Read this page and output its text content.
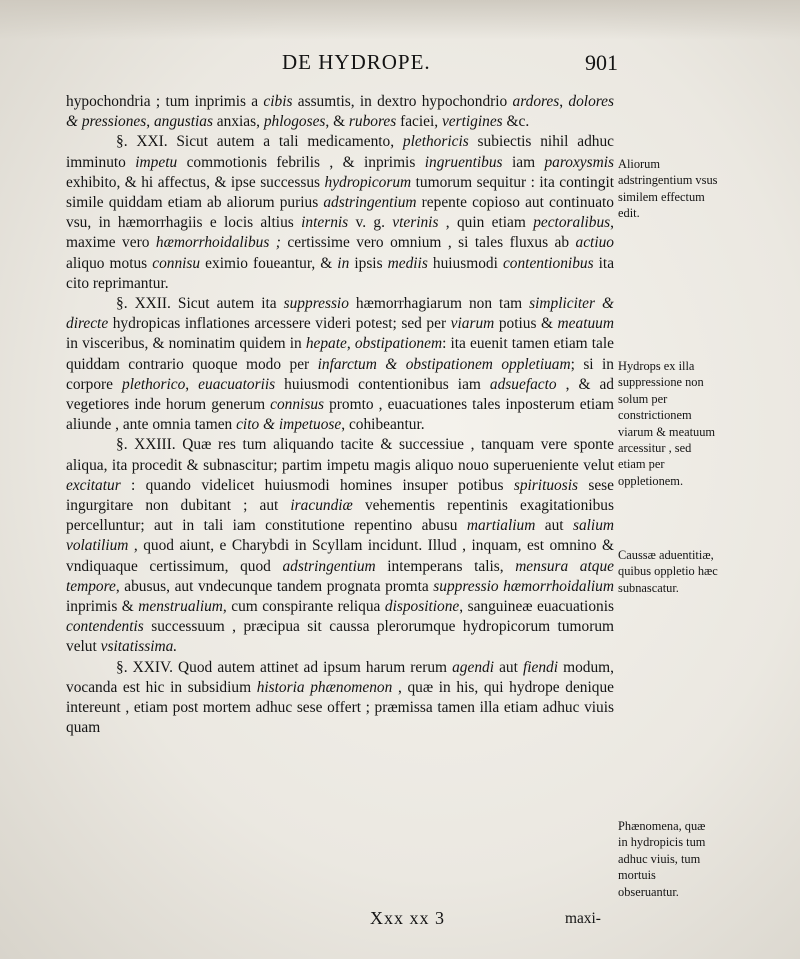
DE HYDROPE.	901

hypochondria ; tum inprimis a cibis assumtis, in dextro hypochondrio ardores, dolores & pressiones, angustias anxias, phlogoses, & rubores faciei, vertigines &c.

§. XXI. Sicut autem a tali medicamento, plethoricis subiectis nihil adhuc imminuto impetu commotionis febrilis , & inprimis ingruentibus iam paroxysmis exhibito, & hi affectus, & ipse successus hydropicorum tumorum sequitur : ita contingit simile quiddam etiam ab aliorum purius adstringentium repente copioso aut continuato vsu, in hæmorrhagiis e locis altius internis v. g. vterinis , quin etiam pectoralibus, maxime vero hæmorrhoidalibus ; certissime vero omnium , si tales fluxus ab actiuo aliquo motus connisu eximio foueantur, & in ipsis mediis huiusmodi contentionibus ita cito reprimantur.

§. XXII. Sicut autem ita suppressio hæmorrhagiarum non tam simpliciter & directe hydropicas inflationes arcessere videri potest; sed per viarum potius & meatuum in visceribus, & nominatim quidem in hepate, obstipationem: ita euenit tamen etiam tale quiddam contrario quoque modo per infarctum & obstipationem oppletiuam; si in corpore plethorico, euacuatoriis huiusmodi contentionibus iam adsuefacto , & ad vegetiores inde horum generum connisus promto , euacuationes tales inposterum etiam aliunde , ante omnia tamen cito & impetuose, cohibeantur.

§. XXIII. Quæ res tum aliquando tacite & successiue , tanquam vere sponte aliqua, ita procedit & subnascitur; partim impetu magis aliquo nouo superueniente velut excitatur : quando videlicet huiusmodi homines insuper potibus spirituosis sese ingurgitare non dubitant ; aut iracundiæ vehementis repentinis exagitationibus percelluntur; aut in tali iam constitutione repentino abusu martialium aut salium volatilium , quod aiunt, e Charybdi in Scyllam incidunt. Illud , inquam, est omnino & vndiquaque certissimum, quod adstringentium intemperans talis, mensura atque tempore, abusus, aut vndecunque tandem prognata promta suppressio hæmorrhoidalium inprimis & menstrualium, cum conspirante reliqua dispositione, sanguineæ euacuationis contendentis successuum , præcipua sit caussa plerorumque hydropicorum tumorum velut vsitatissima.

§. XXIV. Quod autem attinet ad ipsum harum rerum agendi aut fiendi modum, vocanda est hic in subsidium historia phænomenon , quæ in his, qui hydrope denique intereunt , etiam post mortem adhuc sese offert ; præmissa tamen illa etiam adhuc viuis quam

Aliorum adstringentium vsus similem effectum edit.
Hydrops ex illa suppressione non solum per constrictionem viarum & meatuum arcessitur , sed etiam per oppletionem.
Caussæ aduentitiæ, quibus oppletio hæc subnascatur.
Phænomena, quæ in hydropicis tum adhuc viuis, tum mortuis obseruantur.
Xxx xx 3	maxi-
